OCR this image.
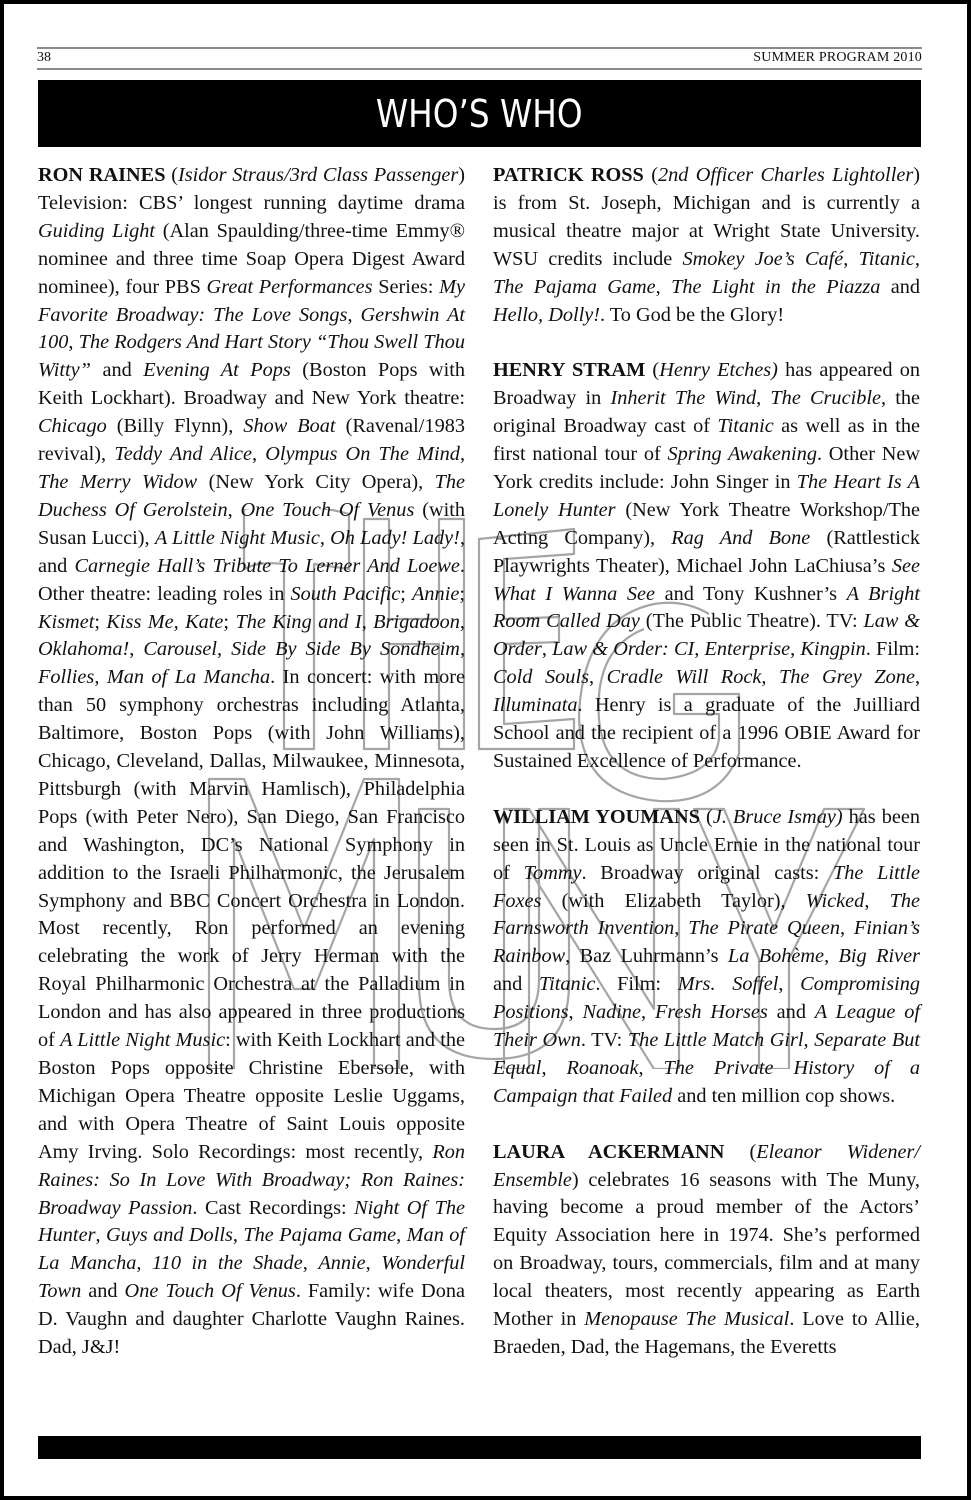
38	SUMMER PROGRAM 2010
WHO’S WHO

RON RAINES (Isidor Straus/3rd Class Passenger) Television: CBS’ longest running daytime drama Guiding Light (Alan Spaulding/three-time Emmy® nominee and three time Soap Opera Digest Award nominee), four PBS Great Performances Series: My Favorite Broadway: The Love Songs, Gershwin At 100, The Rodgers And Hart Story “Thou Swell Thou Witty” and Evening At Pops (Boston Pops with Keith Lockhart). Broadway and New York theatre: Chicago (Billy Flynn), Show Boat (Ravenal/1983 revival), Teddy And Alice, Olympus On The Mind, The Merry Widow (New York City Opera), The Duchess Of Gerolstein, One Touch Of Venus (with Susan Lucci), A Little Night Music, Oh Lady! Lady!, and Carnegie Hall’s Tribute To Lerner And Loewe. Other theatre: leading roles in South Pacific; Annie; Kismet; Kiss Me, Kate; The King and I, Brigadoon, Oklahoma!, Carousel, Side By Side By Sondheim, Follies, Man of La Mancha. In concert: with more than 50 symphony orchestras including Atlanta, Baltimore, Boston Pops (with John Williams), Chicago, Cleveland, Dallas, Milwaukee, Minnesota, Pittsburgh (with Marvin Hamlisch), Philadelphia Pops (with Peter Nero), San Diego, San Francisco and Washington, DC’s National Symphony in addition to the Israeli Philharmonic, the Jerusalem Symphony and BBC Concert Orchestra in London. Most recently, Ron performed an evening celebrating the work of Jerry Herman with the Royal Philharmonic Orchestra at the Palladium in London and has also appeared in three productions of A Little Night Music: with Keith Lockhart and the Boston Pops opposite Christine Ebersole, with Michigan Opera Theatre opposite Leslie Uggams, and with Opera Theatre of Saint Louis opposite Amy Irving. Solo Recordings: most recently, Ron Raines: So In Love With Broadway; Ron Raines: Broadway Passion. Cast Recordings: Night Of The Hunter, Guys and Dolls, The Pajama Game, Man of La Mancha, 110 in the Shade, Annie, Wonderful Town and One Touch Of Venus. Family: wife Dona D. Vaughn and daughter Charlotte Vaughn Raines. Dad, J&J!

PATRICK ROSS (2nd Officer Charles Lightoller) is from St. Joseph, Michigan and is currently a musical theatre major at Wright State University. WSU credits include Smokey Joe’s Café, Titanic, The Pajama Game, The Light in the Piazza and Hello, Dolly!. To God be the Glory!

HENRY STRAM (Henry Etches) has appeared on Broadway in Inherit The Wind, The Crucible, the original Broadway cast of Titanic as well as in the first national tour of Spring Awakening. Other New York credits include: John Singer in The Heart Is A Lonely Hunter (New York Theatre Workshop/The Acting Company), Rag And Bone (Rattlestick Playwrights Theater), Michael John LaChiusa’s See What I Wanna See and Tony Kushner’s A Bright Room Called Day (The Public Theatre). TV: Law & Order, Law & Order: CI, Enterprise, Kingpin. Film: Cold Souls, Cradle Will Rock, The Grey Zone, Illuminata. Henry is a graduate of the Juilliard School and the recipient of a 1996 OBIE Award for Sustained Excellence of Performance.

WILLIAM YOUMANS (J. Bruce Ismay) has been seen in St. Louis as Uncle Ernie in the national tour of Tommy. Broadway original casts: The Little Foxes (with Elizabeth Taylor), Wicked, The Farnsworth Invention, The Pirate Queen, Finian’s Rainbow, Baz Luhrmann’s La Bohème, Big River and Titanic. Film: Mrs. Soffel, Compromising Positions, Nadine, Fresh Horses and A League of Their Own. TV: The Little Match Girl, Separate But Equal, Roanoak, The Private History of a Campaign that Failed and ten million cop shows.

LAURA ACKERMANN (Eleanor Widener/ Ensemble) celebrates 16 seasons with The Muny, having become a proud member of the Actors’ Equity Association here in 1974. She’s performed on Broadway, tours, commercials, film and at many local theaters, most recently appearing as Earth Mother in Menopause The Musical. Love to Allie, Braeden, Dad, the Hagemans, the Everetts
